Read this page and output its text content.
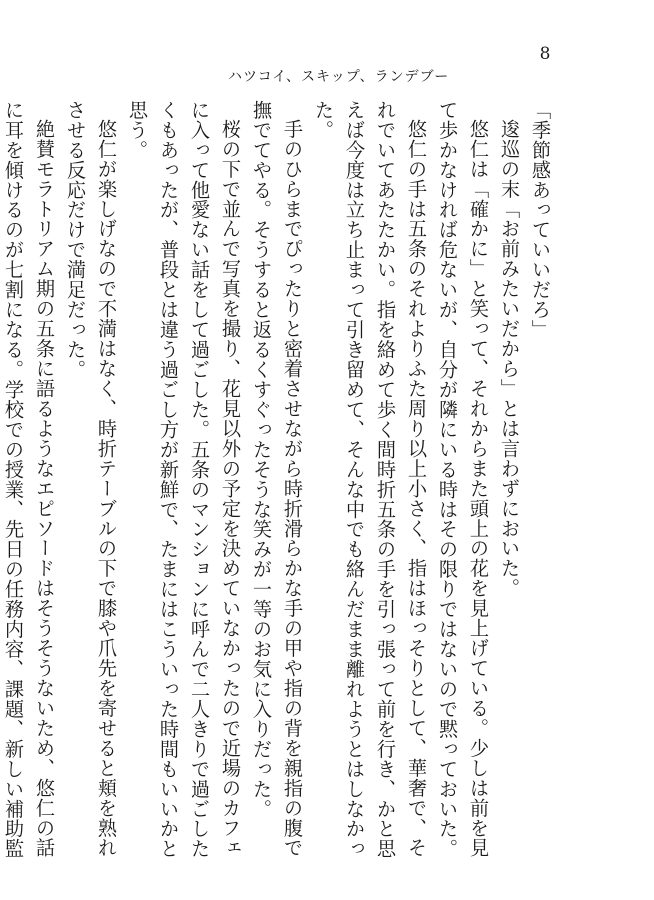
8
ハツコイ、スキップ、ランデブー

「季節感あっていいだろ」

逡巡の末「お前みたいだから」とは言わずにおいた。

悠仁は「確かに」と笑って、それからまた頭上の花を見上げている。少しは前を見て歩かなければ危ないが、自分が隣にいる時はその限りではないので黙っておいた。

悠仁の手は五条のそれよりふた周り以上小さく、指はほっそりとして、華奢で、それでいてあたたかい。指を絡めて歩く間時折五条の手を引っ張って前を行き、かと思えば今度は立ち止まって引き留めて、そんな中でも絡んだまま離れようとはしなかった。

手のひらまでぴったりと密着させながら時折滑らかな手の甲や指の背を親指の腹で撫でてやる。そうすると返るくすぐったそうな笑みが一等のお気に入りだった。

桜の下で並んで写真を撮り、花見以外の予定を決めていなかったので近場のカフェに入って他愛ない話をして過ごした。五条のマンションに呼んで二人きりで過ごしたくもあったが、普段とは違う過ごし方が新鮮で、たまにはこういった時間もいいかと思う。

悠仁が楽しげなので不満はなく、時折テーブルの下で膝や爪先を寄せると頬を熟れさせる反応だけで満足だった。

絶賛モラトリアム期の五条に語るようなエピソードはそうそうないため、悠仁の話に耳を傾けるのが七割になる。学校での授業、先日の任務内容、課題、新しい補助監
